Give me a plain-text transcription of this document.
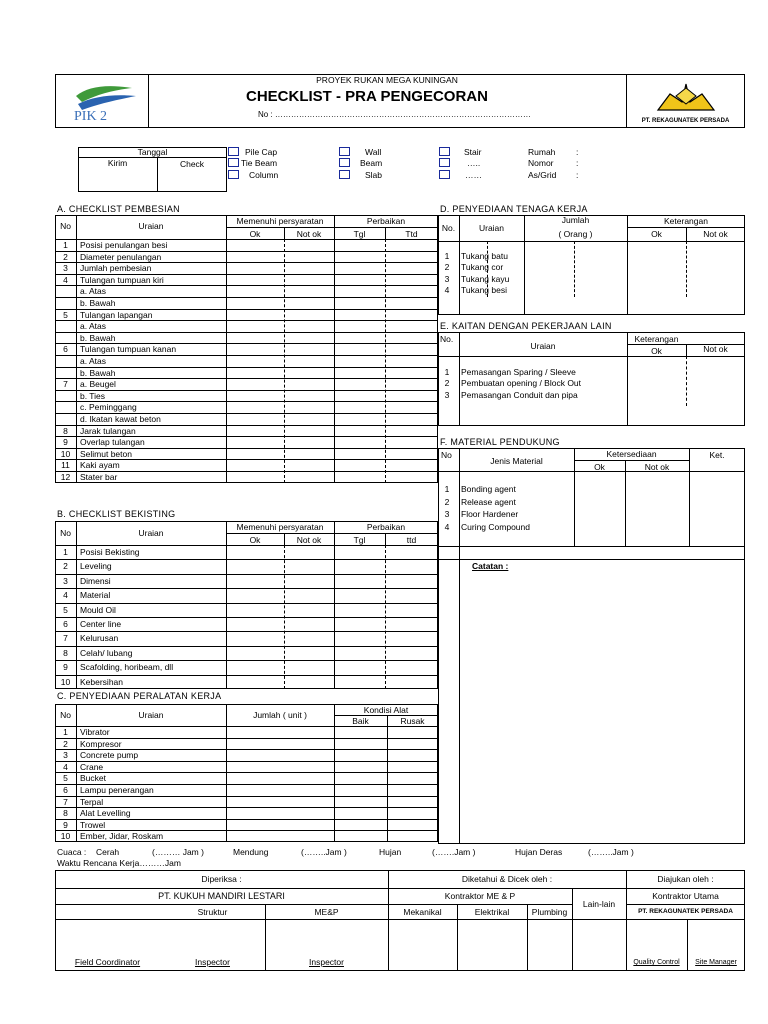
PIK 2
PROYEK RUKAN MEGA KUNINGAN
CHECKLIST - PRA PENGECORAN
No : ……………………………………………………………………………………
PT. REKAGUNATEK PERSADA
Tanggal
Kirim	Check
Pile Cap
Tie Beam
Column
Wall
Beam
Slab
Stair
…..
……
Rumah
Nomor
As/Grid
:
:
:
A. CHECKLIST PEMBESIAN
No	Uraian	Memenuhi persyaratan	Perbaikan
Ok	Not ok	Tgl	Ttd
1	Posisi penulangan besi
2	Diameter penulangan
3	Jumlah pembesian
4	Tulangan tumpuan kiri
a. Atas
b. Bawah
5	Tulangan lapangan
a. Atas
b. Bawah
6	Tulangan tumpuan kanan
a. Atas
b. Bawah
7	a. Beugel
b. Ties
c. Peminggang
d. Ikatan kawat beton
8	Jarak tulangan
9	Overlap tulangan
10	Selimut beton
11	Kaki ayam
12	Stater bar
B. CHECKLIST BEKISTING
No	Uraian
Memenuhi persyaratan	Perbaikan
Ok	Not ok	Tgl	ttd
1	Posisi Bekisting
2	Leveling
3	Dimensi
4	Material
5	Mould Oil
6	Center line
7	Kelurusan
8	Celah/ lubang
9	Scafolding, horibeam, dll
10	Kebersihan
C. PENYEDIAAN PERALATAN KERJA
No	Uraian	Jumlah ( unit )	Kondisi Alat
Baik	Rusak
1	Vibrator
2	Kompresor
3	Concrete pump
4	Crane
5	Bucket
6	Lampu penerangan
7	Terpal
8	Alat Levelling
9	Trowel
10	Ember, Jidar, Roskam
D. PENYEDIAAN TENAGA KERJA
No.	Uraian
Jumlah
( Orang )
Keterangan
Ok	Not ok
1	Tukang batu
2	Tukang cor
3	Tukang kayu
4	Tukang besi
E. KAITAN DENGAN PEKERJAAN LAIN
No.
Uraian
Keterangan
Ok	Not ok
1	Pemasangan Sparing / Sleeve
2	Pembuatan opening / Block Out
3	Pemasangan Conduit dan pipa
F. MATERIAL PENDUKUNG
No
Jenis Material
Ketersediaan	Ket.
Ok	Not ok
1	Bonding agent
2	Release agent
3	Floor Hardener
4	Curing Compound
Catatan :
Cuaca : Cerah	(……… Jam )	Mendung	(……..Jam )	Hujan	(…….Jam )	Hujan Deras	(……..Jam )
Waktu Rencana Kerja………Jam
Diperiksa :	Diketahui & Dicek oleh :	Diajukan oleh :
PT. KUKUH MANDIRI LESTARI	Kontraktor ME & P
Lain-lain
Kontraktor Utama
Struktur	ME&P	Mekanikal	Elektrikal	Plumbing	PT. REKAGUNATEK PERSADA
Field Coordinator	Inspector	Inspector	Quality Control	Site Manager
